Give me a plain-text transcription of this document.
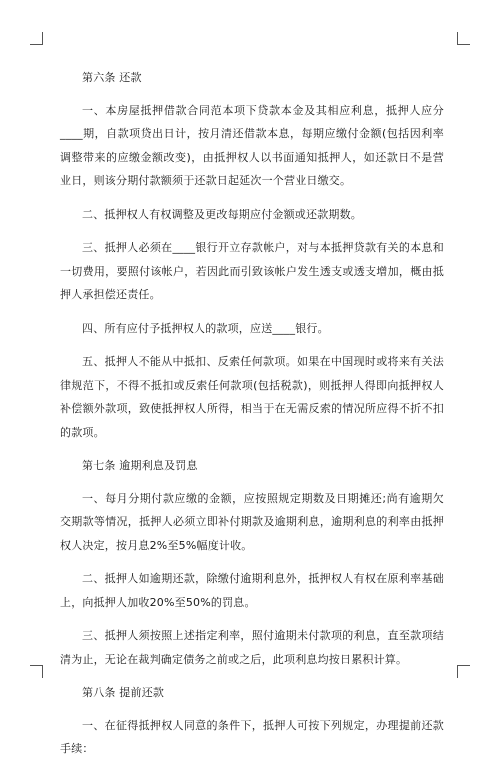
第六条 还款

一、本房屋抵押借款合同范本项下贷款本金及其相应利息，抵押人应分____期，自款项贷出日计，按月清还借款本息，每期应缴付金额(包括因利率调整带来的应缴金额改变)，由抵押权人以书面通知抵押人，如还款日不是营业日，则该分期付款额须于还款日起延次一个营业日缴交。

二、抵押权人有权调整及更改每期应付金额或还款期数。

三、抵押人必须在____银行开立存款帐户，对与本抵押贷款有关的本息和一切费用，要照付该帐户，若因此而引致该帐户发生透支或透支增加，概由抵押人承担偿还责任。

四、所有应付予抵押权人的款项，应送____银行。

五、抵押人不能从中抵扣、反索任何款项。如果在中国现时或将来有关法律规范下，不得不抵扣或反索任何款项(包括税款)，则抵押人得即向抵押权人补偿额外款项，致使抵押权人所得，相当于在无需反索的情况所应得不折不扣的款项。

第七条 逾期利息及罚息

一、每月分期付款应缴的金额，应按照规定期数及日期摊还;尚有逾期欠交期款等情况，抵押人必须立即补付期款及逾期利息，逾期利息的利率由抵押权人决定，按月息2%至5%幅度计收。

二、抵押人如逾期还款，除缴付逾期利息外，抵押权人有权在原利率基础上，向抵押人加收20%至50%的罚息。

三、抵押人须按照上述指定利率，照付逾期未付款项的利息，直至款项结清为止，无论在裁判确定债务之前或之后，此项利息均按日累积计算。

第八条 提前还款

一、在征得抵押权人同意的条件下，抵押人可按下列规定，办理提前还款手续：
